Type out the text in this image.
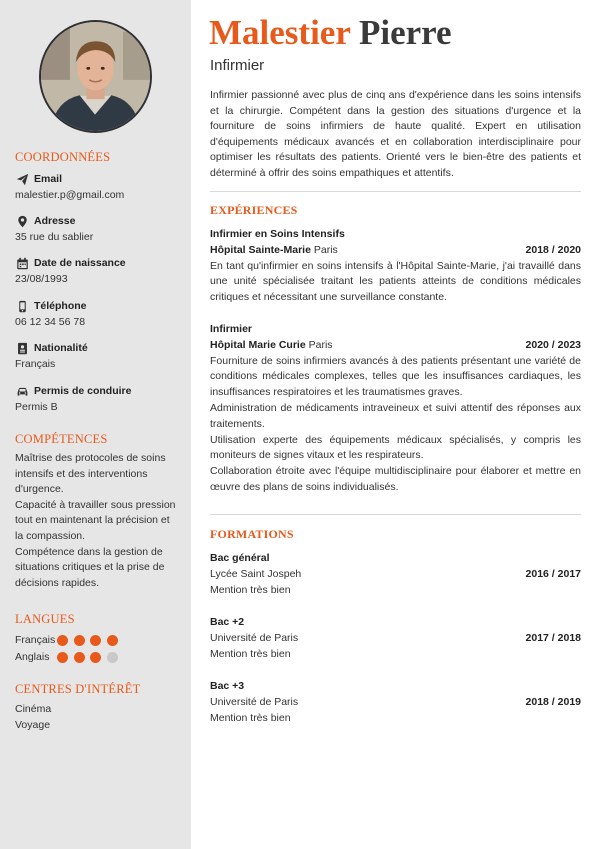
COORDONNÉES
Email
malestier.p@gmail.com
Adresse
35 rue du sablier
Date de naissance
23/08/1993
Téléphone
06 12 34 56 78
Nationalité
Français
Permis de conduire
Permis B
COMPÉTENCES
Maîtrise des protocoles de soins intensifs et des interventions d'urgence.
Capacité à travailler sous pression tout en maintenant la précision et la compassion.
Compétence dans la gestion de situations critiques et la prise de décisions rapides.
LANGUES
Français
Anglais
CENTRES D'INTÉRÊT
Cinéma
Voyage
Malestier Pierre
Infirmier
Infirmier passionné avec plus de cinq ans d'expérience dans les soins intensifs et la chirurgie. Compétent dans la gestion des situations d'urgence et la fourniture de soins infirmiers de haute qualité. Expert en utilisation d'équipements médicaux avancés et en collaboration interdisciplinaire pour optimiser les résultats des patients. Orienté vers le bien-être des patients et déterminé à offrir des soins empathiques et attentifs.
EXPÉRIENCES
Infirmier en Soins Intensifs
Hôpital Sainte-Marie Paris	2018 / 2020
En tant qu'infirmier en soins intensifs à l'Hôpital Sainte-Marie, j'ai travaillé dans une unité spécialisée traitant les patients atteints de conditions médicales critiques et nécessitant une surveillance constante.
Infirmier
Hôpital Marie Curie Paris	2020 / 2023
Fourniture de soins infirmiers avancés à des patients présentant une variété de conditions médicales complexes, telles que les insuffisances cardiaques, les insuffisances respiratoires et les traumatismes graves.
Administration de médicaments intraveineux et suivi attentif des réponses aux traitements.
Utilisation experte des équipements médicaux spécialisés, y compris les moniteurs de signes vitaux et les respirateurs.
Collaboration étroite avec l'équipe multidisciplinaire pour élaborer et mettre en œuvre des plans de soins individualisés.
FORMATIONS
Bac général
Lycée Saint Jospeh	2016 / 2017
Mention très bien
Bac +2
Université de Paris	2017 / 2018
Mention très bien
Bac +3
Université de Paris	2018 / 2019
Mention très bien
